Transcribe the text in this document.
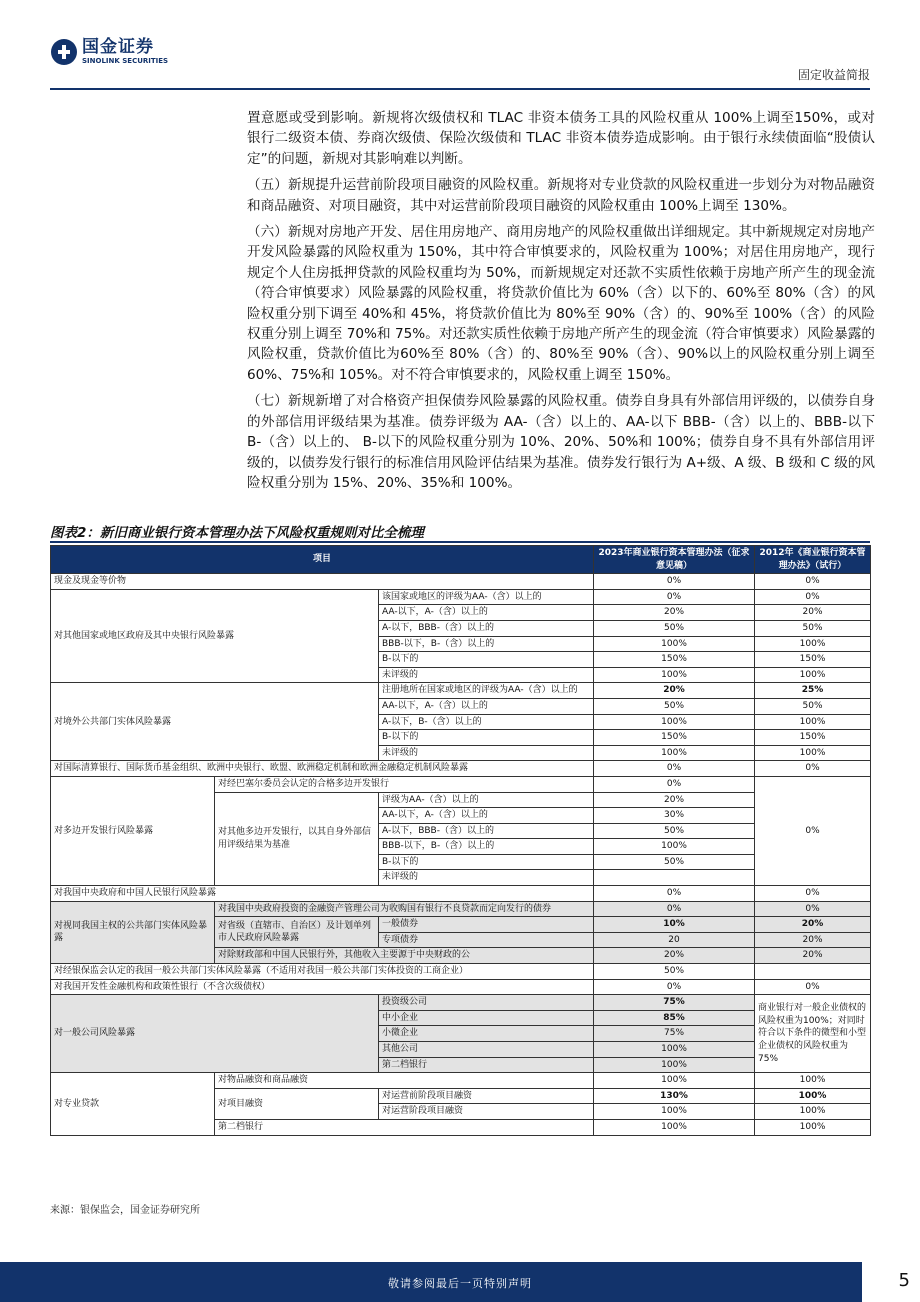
国金证券
SINOLINK SECURITIES
固定收益简报

置意愿或受到影响。新规将次级债权和 TLAC 非资本债务工具的风险权重从 100%上调至150%，或对银行二级资本债、券商次级债、保险次级债和 TLAC 非资本债券造成影响。由于银行永续债面临“股债认定”的问题，新规对其影响难以判断。

（五）新规提升运营前阶段项目融资的风险权重。新规将对专业贷款的风险权重进一步划分为对物品融资和商品融资、对项目融资，其中对运营前阶段项目融资的风险权重由 100%上调至 130%。

（六）新规对房地产开发、居住用房地产、商用房地产的风险权重做出详细规定。其中新规规定对房地产开发风险暴露的风险权重为 150%，其中符合审慎要求的，风险权重为 100%；对居住用房地产，现行规定个人住房抵押贷款的风险权重均为 50%，而新规规定对还款不实质性依赖于房地产所产生的现金流（符合审慎要求）风险暴露的风险权重，将贷款价值比为 60%（含）以下的、60%至 80%（含）的风险权重分别下调至 40%和 45%，将贷款价值比为 80%至 90%（含）的、90%至 100%（含）的风险权重分别上调至 70%和 75%。对还款实质性依赖于房地产所产生的现金流（符合审慎要求）风险暴露的风险权重，贷款价值比为60%至 80%（含）的、80%至 90%（含）、90%以上的风险权重分别上调至 60%、75%和 105%。对不符合审慎要求的，风险权重上调至 150%。

（七）新规新增了对合格资产担保债券风险暴露的风险权重。债券自身具有外部信用评级的，以债券自身的外部信用评级结果为基准。债券评级为 AA-（含）以上的、AA-以下 BBB-（含）以上的、BBB-以下 B-（含）以上的、 B-以下的风险权重分别为 10%、20%、50%和 100%；债券自身不具有外部信用评级的，以债券发行银行的标准信用风险评估结果为基准。债券发行银行为 A+级、A 级、B 级和 C 级的风险权重分别为 15%、20%、35%和 100%。

图表2：新旧商业银行资本管理办法下风险权重规则对比全梳理
项目			2023年商业银行资本管理办法（征求意见稿）	2012年《商业银行资本管理办法》（试行）
现金及现金等价物			0%	0%
对其他国家或地区政府及其中央银行风险暴露		该国家或地区的评级为AA-（含）以上的	0%	0%
		AA-以下，A-（含）以上的	20%	20%
		A-以下，BBB-（含）以上的	50%	50%
		BBB-以下，B-（含）以上的	100%	100%
		B-以下的	150%	150%
		未评级的	100%	100%
对境外公共部门实体风险暴露		注册地所在国家或地区的评级为AA-（含）以上的	20%	25%
		AA-以下，A-（含）以上的	50%	50%
		A-以下，B-（含）以上的	100%	100%
		B-以下的	150%	150%
		未评级的	100%	100%
对国际清算银行、国际货币基金组织、欧洲中央银行、欧盟、欧洲稳定机制和欧洲金融稳定机制风险暴露			0%	0%
对多边开发银行风险暴露	对经巴塞尔委员会认定的合格多边开发银行		0%	0%
	对其他多边开发银行，以其自身外部信用评级结果为基准	评级为AA-（含）以上的	20%	
		AA-以下，A-（含）以上的	30%	
		A-以下，BBB-（含）以上的	50%	
		BBB-以下，B-（含）以上的	100%	
		B-以下的	50%	
		未评级的		
对我国中央政府和中国人民银行风险暴露			0%	0%
对视同我国主权的公共部门实体风险暴露	对我国中央政府投资的金融资产管理公司为收购国有银行不良贷款而定向发行的债券		0%	0%
	对省级（直辖市、自治区）及计划单列市人民政府风险暴露	一般债券	10%	20%
		专项债券	20	20%
	对除财政部和中国人民银行外，其他收入主要源于中央财政的公		20%	20%
对经银保监会认定的我国一般公共部门实体风险暴露（不适用对我国一般公共部门实体投资的工商企业）			50%	
对我国开发性金融机构和政策性银行（不含次级债权）			0%	0%
对一般公司风险暴露		投资级公司	75%	商业银行对一般企业债权的风险权重为100%；对同时符合以下条件的微型和小型企业债权的风险权重为75%
		中小企业	85%	
		小微企业	75%	
		其他公司	100%	
		第二档银行	100%	
对专业贷款	对物品融资和商品融资		100%	100%
	对项目融资	对运营前阶段项目融资	130%	100%
		对运营阶段项目融资	100%	100%
	第二档银行		100%	100%
来源：银保监会，国金证券研究所
敬请参阅最后一页特别声明	5
